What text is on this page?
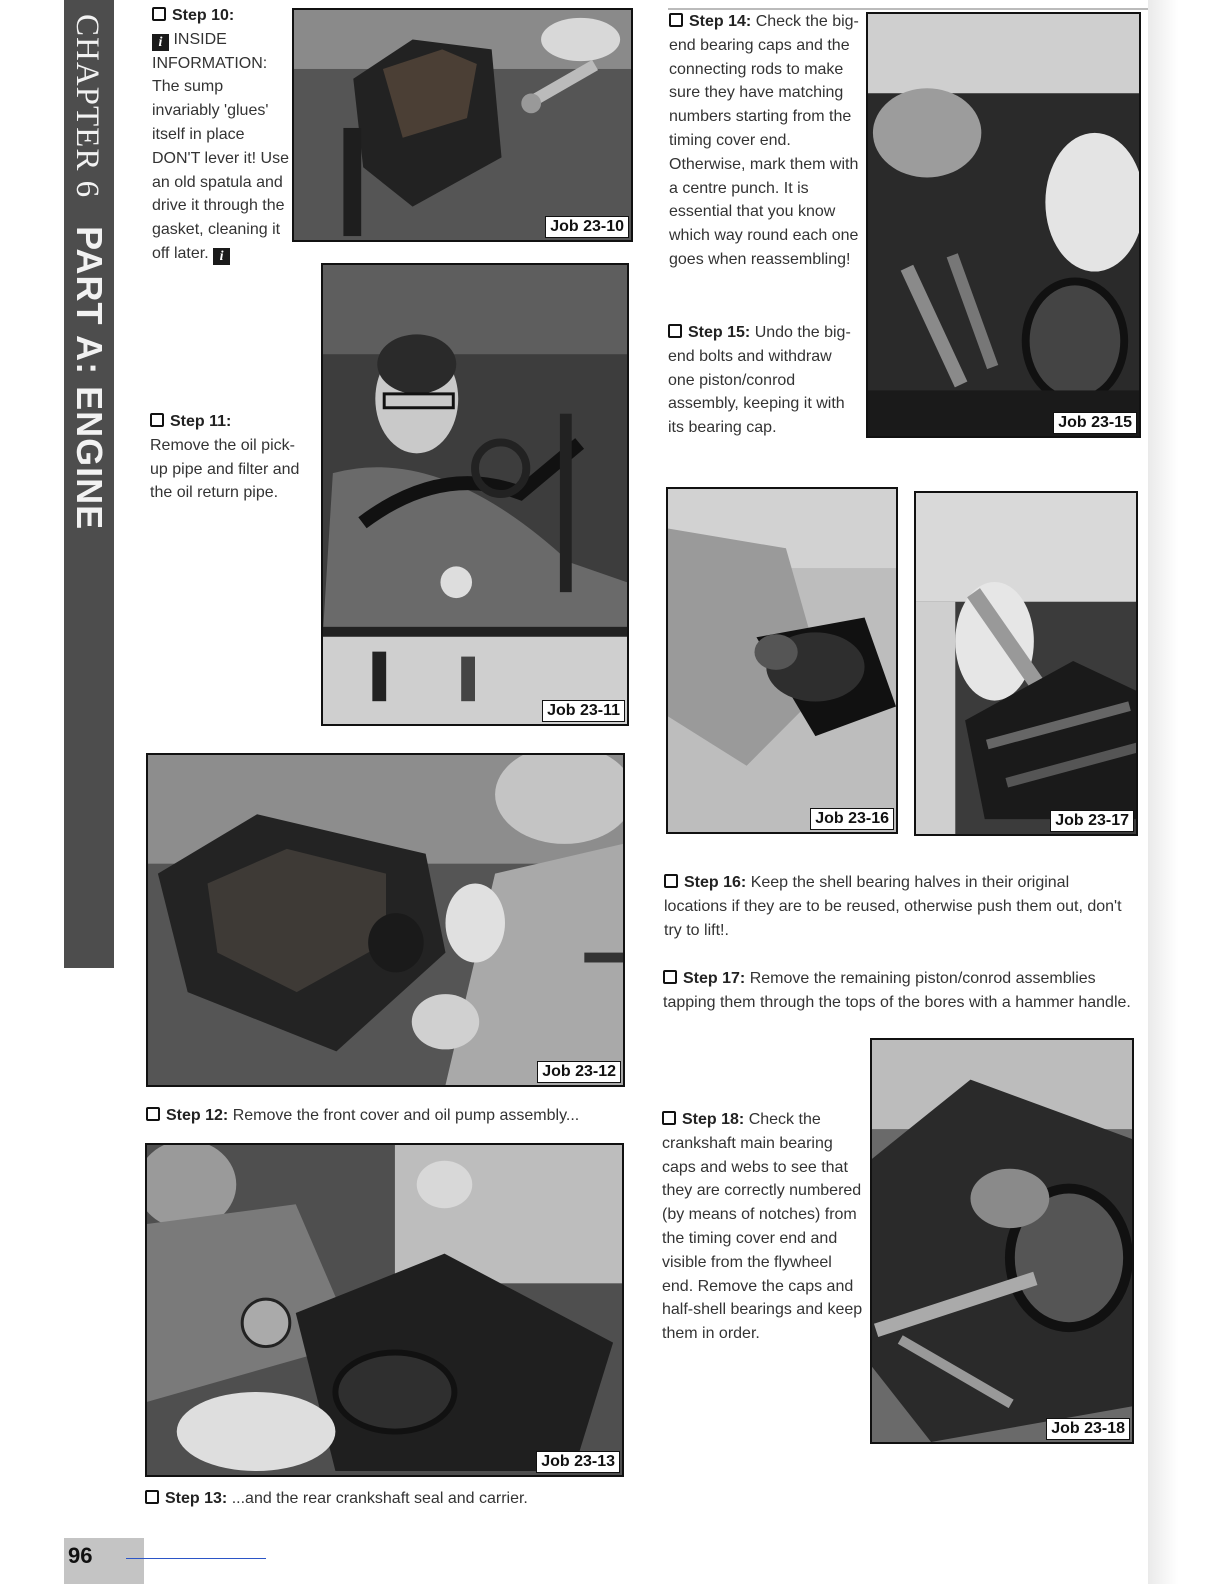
CHAPTER 6PART A: ENGINE
Step 10:
i INSIDE INFORMATION: The sump invariably 'glues' itself in place DON'T lever it! Use an old spatula and drive it through the gasket, cleaning it off later. i
Job 23-10
Step 11:
Remove the oil pick-up pipe and filter and the oil return pipe.
Job 23-11
Job 23-12
Step 12: Remove the front cover and oil pump assembly...
Job 23-13
Step 13: ...and the rear crankshaft seal and carrier.
Step 14: Check the big-end bearing caps and the connecting rods to make sure they have matching numbers starting from the timing cover end. Otherwise, mark them with a centre punch. It is essential that you know which way round each one goes when reassembling!
Step 15: Undo the big-end bolts and withdraw one piston/conrod assembly, keeping it with its bearing cap.	Job 23-15
Job 23-16	Job 23-17
Step 16: Keep the shell bearing halves in their original locations if they are to be reused, otherwise push them out, don't try to lift!.
Step 17: Remove the remaining piston/conrod assemblies tapping them through the tops of the bores with a hammer handle.
Step 18: Check the crankshaft main bearing caps and webs to see that they are correctly numbered (by means of notches) from the timing cover end and visible from the flywheel end. Remove the caps and half-shell bearings and keep them in order.
Job 23-18
96
